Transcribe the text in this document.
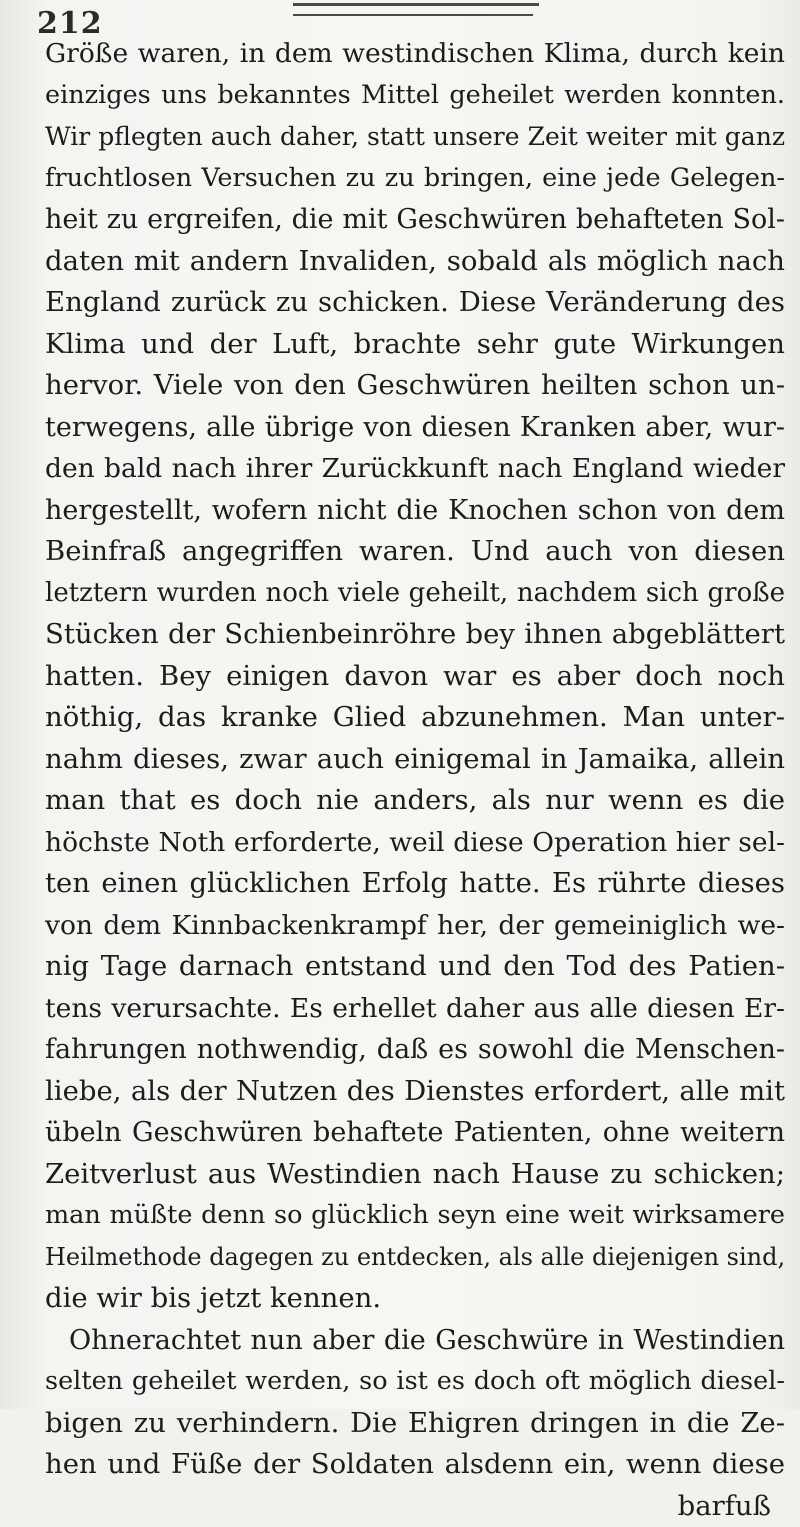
212
Größe waren, in dem westindischen Klima, durch kein
einziges uns bekanntes Mittel geheilet werden konnten.
Wir pflegten auch daher, statt unsere Zeit weiter mit ganz
fruchtlosen Versuchen zu zu bringen, eine jede Gelegen-
heit zu ergreifen, die mit Geschwüren behafteten Sol-
daten mit andern Invaliden, sobald als möglich nach
England zurück zu schicken. Diese Veränderung des
Klima und der Luft, brachte sehr gute Wirkungen
hervor. Viele von den Geschwüren heilten schon un-
terwegens, alle übrige von diesen Kranken aber, wur-
den bald nach ihrer Zurückkunft nach England wieder
hergestellt, wofern nicht die Knochen schon von dem
Beinfraß angegriffen waren. Und auch von diesen
letztern wurden noch viele geheilt, nachdem sich große
Stücken der Schienbeinröhre bey ihnen abgeblättert
hatten. Bey einigen davon war es aber doch noch
nöthig, das kranke Glied abzunehmen. Man unter-
nahm dieses, zwar auch einigemal in Jamaika, allein
man that es doch nie anders, als nur wenn es die
höchste Noth erforderte, weil diese Operation hier sel-
ten einen glücklichen Erfolg hatte. Es rührte dieses
von dem Kinnbackenkrampf her, der gemeiniglich we-
nig Tage darnach entstand und den Tod des Patien-
tens verursachte. Es erhellet daher aus alle diesen Er-
fahrungen nothwendig, daß es sowohl die Menschen-
liebe, als der Nutzen des Dienstes erfordert, alle mit
übeln Geschwüren behaftete Patienten, ohne weitern
Zeitverlust aus Westindien nach Hause zu schicken;
man müßte denn so glücklich seyn eine weit wirksamere
Heilmethode dagegen zu entdecken, als alle diejenigen sind,
die wir bis jetzt kennen.
Ohnerachtet nun aber die Geschwüre in Westindien
selten geheilet werden, so ist es doch oft möglich diesel-
bigen zu verhindern. Die Ehigren dringen in die Ze-
hen und Füße der Soldaten alsdenn ein, wenn diese
barfuß
